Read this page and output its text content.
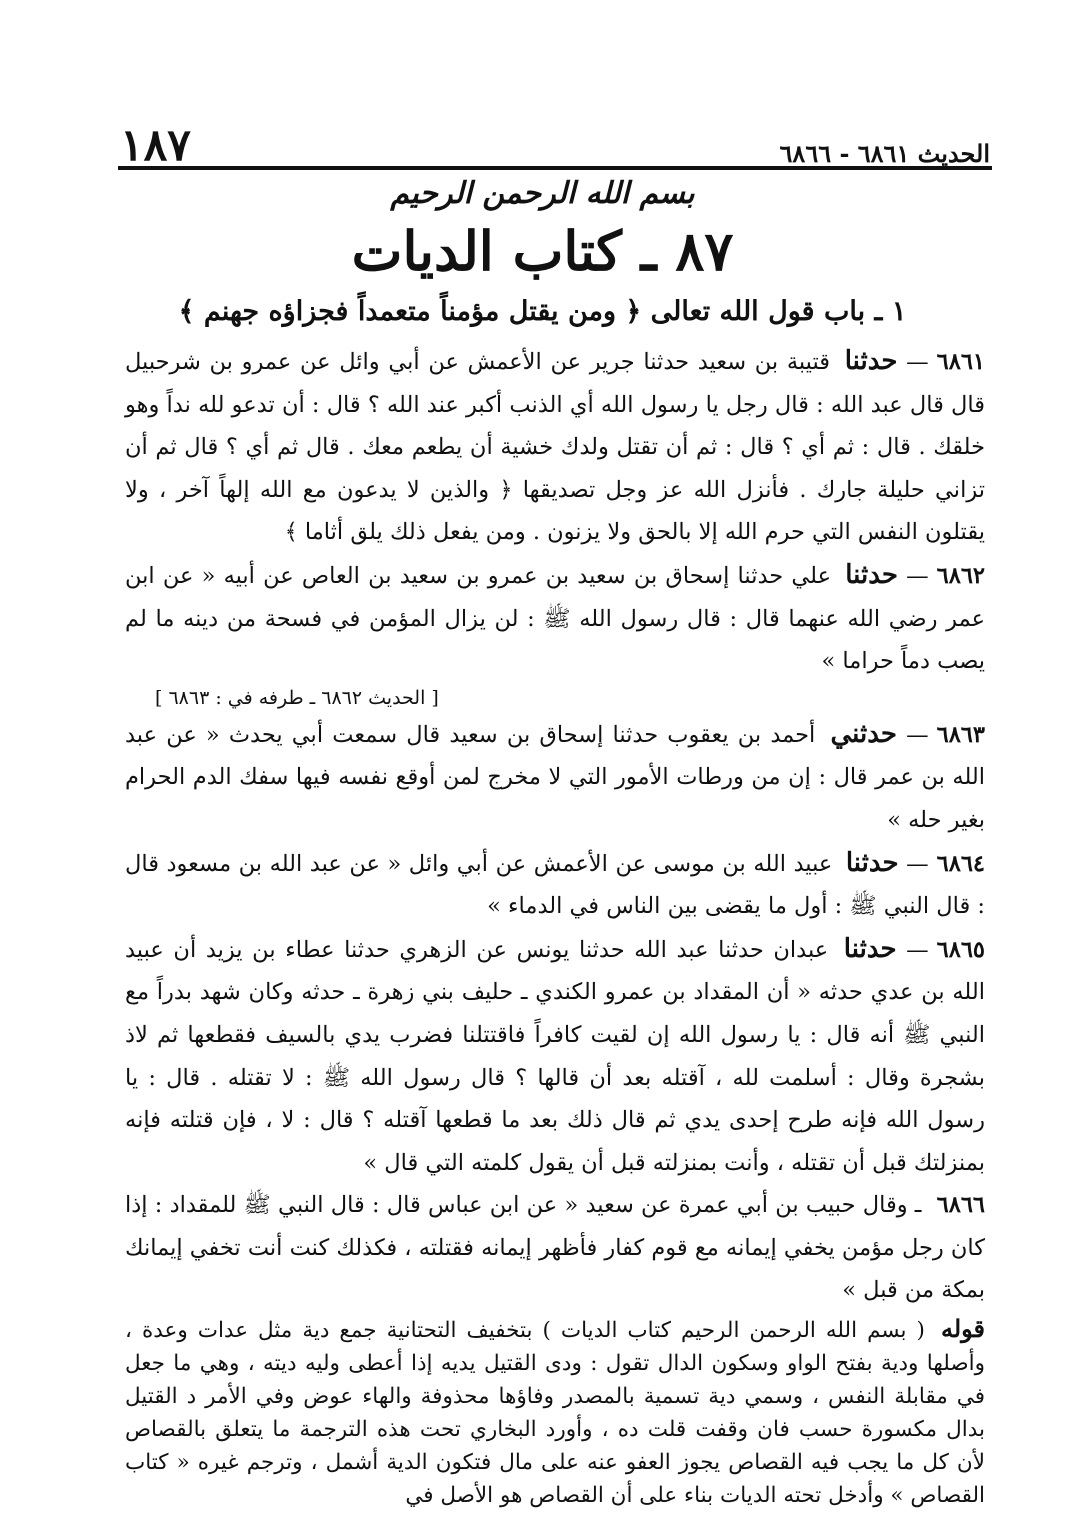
الحديث ٦٨٦١ - ٦٨٦٦
١٨٧
بسم الله الرحمن الرحيم
٨٧ ـ كتاب الديات
١ ـ باب قول الله تعالى ﴿ ومن يقتل مؤمناً متعمداً فجزاؤه جهنم ﴾

٦٨٦١— حدثنا قتيبة بن سعيد حدثنا جرير عن الأعمش عن أبي وائل عن عمرو بن شرحبيل قال قال عبد الله : قال رجل يا رسول الله أي الذنب أكبر عند الله ؟ قال : أن تدعو لله نداً وهو خلقك . قال : ثم أي ؟ قال : ثم أن تقتل ولدك خشية أن يطعم معك . قال ثم أي ؟ قال ثم أن تزاني حليلة جارك . فأنزل الله عز وجل تصديقها ﴿ والذين لا يدعون مع الله إلهاً آخر ، ولا يقتلون النفس التي حرم الله إلا بالحق ولا يزنون . ومن يفعل ذلك يلق أثاما ﴾

٦٨٦٢— حدثنا علي حدثنا إسحاق بن سعيد بن عمرو بن سعيد بن العاص عن أبيه « عن ابن عمر رضي الله عنهما قال : قال رسول الله ﷺ : لن يزال المؤمن في فسحة من دينه ما لم يصب دماً حراما »

[ الحديث ٦٨٦٢ ـ طرفه في : ٦٨٦٣ ]

٦٨٦٣— حدثني أحمد بن يعقوب حدثنا إسحاق بن سعيد قال سمعت أبي يحدث « عن عبد الله بن عمر قال : إن من ورطات الأمور التي لا مخرج لمن أوقع نفسه فيها سفك الدم الحرام بغير حله »

٦٨٦٤— حدثنا عبيد الله بن موسى عن الأعمش عن أبي وائل « عن عبد الله بن مسعود قال : قال النبي ﷺ : أول ما يقضى بين الناس في الدماء »

٦٨٦٥— حدثنا عبدان حدثنا عبد الله حدثنا يونس عن الزهري حدثنا عطاء بن يزيد أن عبيد الله بن عدي حدثه « أن المقداد بن عمرو الكندي ـ حليف بني زهرة ـ حدثه وكان شهد بدراً مع النبي ﷺ أنه قال : يا رسول الله إن لقيت كافراً فاقتتلنا فضرب يدي بالسيف فقطعها ثم لاذ بشجرة وقال : أسلمت لله ، آقتله بعد أن قالها ؟ قال رسول الله ﷺ : لا تقتله . قال : يا رسول الله فإنه طرح إحدى يدي ثم قال ذلك بعد ما قطعها آقتله ؟ قال : لا ، فإن قتلته فإنه بمنزلتك قبل أن تقتله ، وأنت بمنزلته قبل أن يقول كلمته التي قال »

٦٨٦٦ ـ وقال حبيب بن أبي عمرة عن سعيد « عن ابن عباس قال : قال النبي ﷺ للمقداد : إذا كان رجل مؤمن يخفي إيمانه مع قوم كفار فأظهر إيمانه فقتلته ، فكذلك كنت أنت تخفي إيمانك بمكة من قبل »

قوله ( بسم الله الرحمن الرحيم كتاب الديات ) بتخفيف التحتانية جمع دية مثل عدات وعدة ، وأصلها ودية بفتح الواو وسكون الدال تقول : ودى القتيل يديه إذا أعطى وليه ديته ، وهي ما جعل في مقابلة النفس ، وسمي دية تسمية بالمصدر وفاؤها محذوفة والهاء عوض وفي الأمر د القتيل بدال مكسورة حسب فان وقفت قلت ده ، وأورد البخاري تحت هذه الترجمة ما يتعلق بالقصاص لأن كل ما يجب فيه القصاص يجوز العفو عنه على مال فتكون الدية أشمل ، وترجم غيره « كتاب القصاص » وأدخل تحته الديات بناء على أن القصاص هو الأصل في
